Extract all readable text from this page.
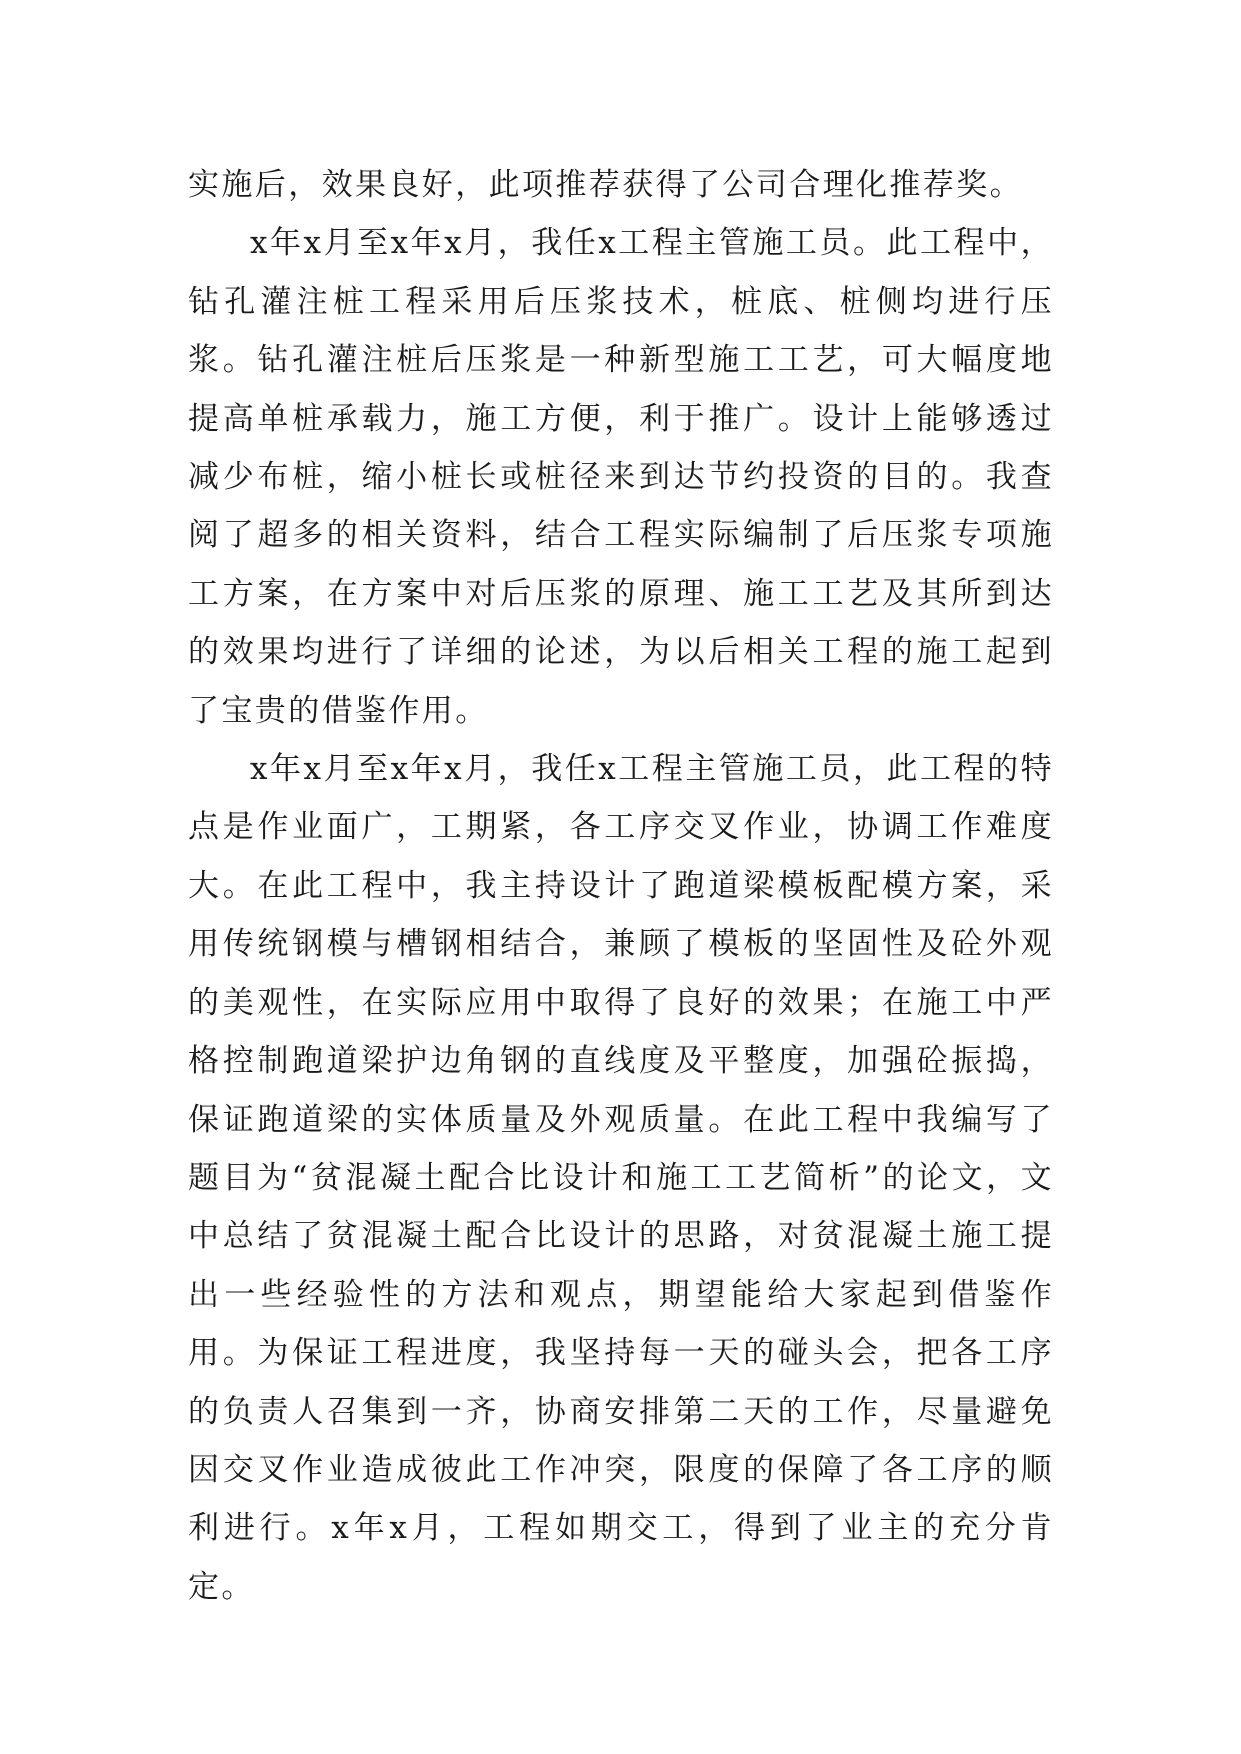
实施后，效果良好，此项推荐获得了公司合理化推荐奖。

x年x月至x年x月，我任x工程主管施工员。此工程中，钻孔灌注桩工程采用后压浆技术，桩底、桩侧均进行压浆。钻孔灌注桩后压浆是一种新型施工工艺，可大幅度地提高单桩承载力，施工方便，利于推广。设计上能够透过减少布桩，缩小桩长或桩径来到达节约投资的目的。我查阅了超多的相关资料，结合工程实际编制了后压浆专项施工方案，在方案中对后压浆的原理、施工工艺及其所到达的效果均进行了详细的论述，为以后相关工程的施工起到了宝贵的借鉴作用。

x年x月至x年x月，我任x工程主管施工员，此工程的特点是作业面广，工期紧，各工序交叉作业，协调工作难度大。在此工程中，我主持设计了跑道梁模板配模方案，采用传统钢模与槽钢相结合，兼顾了模板的坚固性及砼外观的美观性，在实际应用中取得了良好的效果；在施工中严格控制跑道梁护边角钢的直线度及平整度，加强砼振捣，保证跑道梁的实体质量及外观质量。在此工程中我编写了题目为“贫混凝土配合比设计和施工工艺简析”的论文，文中总结了贫混凝土配合比设计的思路，对贫混凝土施工提出一些经验性的方法和观点，期望能给大家起到借鉴作用。为保证工程进度，我坚持每一天的碰头会，把各工序的负责人召集到一齐，协商安排第二天的工作，尽量避免因交叉作业造成彼此工作冲突，限度的保障了各工序的顺利进行。x年x月，工程如期交工，得到了业主的充分肯定。
